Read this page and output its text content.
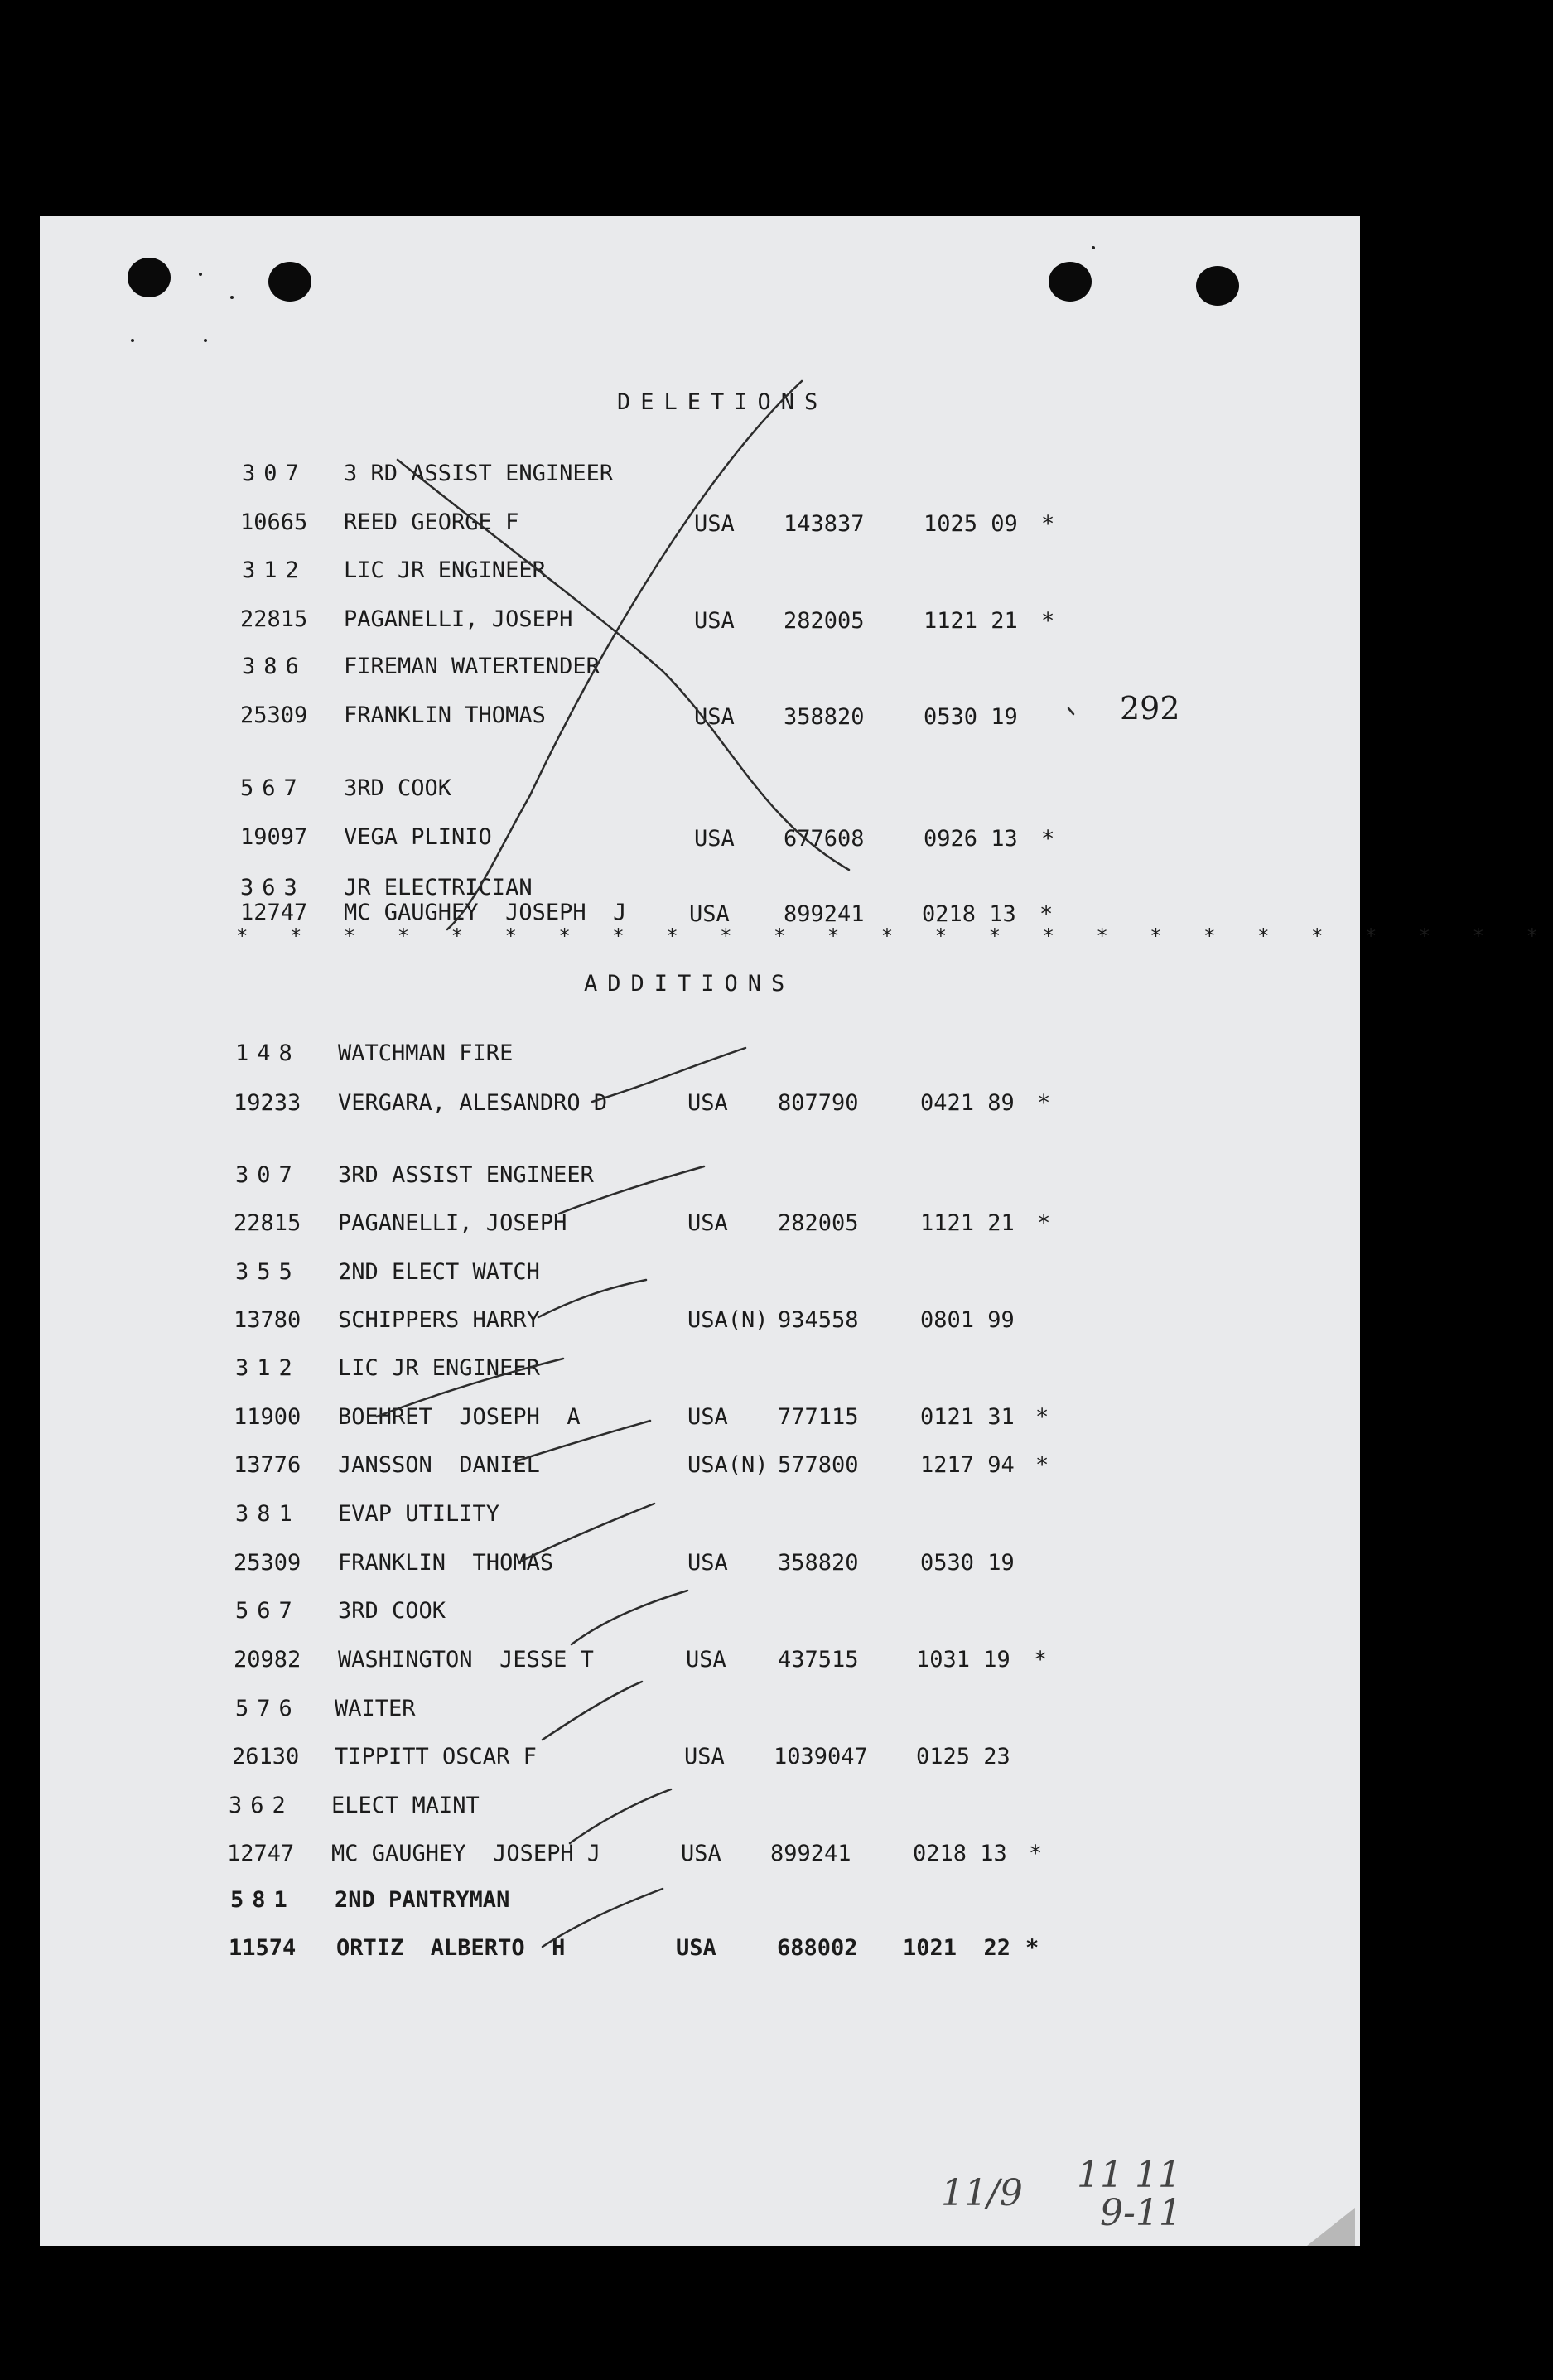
DELETIONS
307 3 RD ASSIST ENGINEER
10665 REED GEORGE F	USA 143837	1025 09 *
312 LIC JR ENGINEER
22815 PAGANELLI, JOSEPH	USA 282005	1121 21 *
386 FIREMAN WATERTENDER
25309 FRANKLIN THOMAS	USA 358820	0530 19	292
567 3RD COOK
19097 VEGA PLINIO	USA 677608	0926 13 *
363 JR ELECTRICIAN
12747 MC GAUGHEY  JOSEPH  J	USA 899241	0218 13 *
* * * * * * * * * * * * * * * * * * * * * * * * *
ADDITIONS
148 WATCHMAN FIRE
19233 VERGARA, ALESANDRO D	USA 807790	0421 89 *
307 3RD ASSIST ENGINEER
22815 PAGANELLI, JOSEPH	USA 282005	1121 21 *
355 2ND ELECT WATCH
13780 SCHIPPERS HARRY	USA(N) 934558	0801 99
312 LIC JR ENGINEER
11900 BOEHRET  JOSEPH  A	USA 777115	0121 31 *
13776 JANSSON  DANIEL	USA(N) 577800	1217 94 *
381 EVAP UTILITY
25309 FRANKLIN  THOMAS	USA 358820	0530 19
567 3RD COOK
20982 WASHINGTON  JESSE T	USA 437515	1031 19 *
576 WAITER
26130 TIPPITT OSCAR F	USA 1039047 0125 23
362 ELECT MAINT
12747 MC GAUGHEY  JOSEPH J	USA 899241	0218 13 *
581 2ND PANTRYMAN
11574 ORTIZ  ALBERTO  H	USA	688002 1021  22 *
11/9 11 11
9-11
